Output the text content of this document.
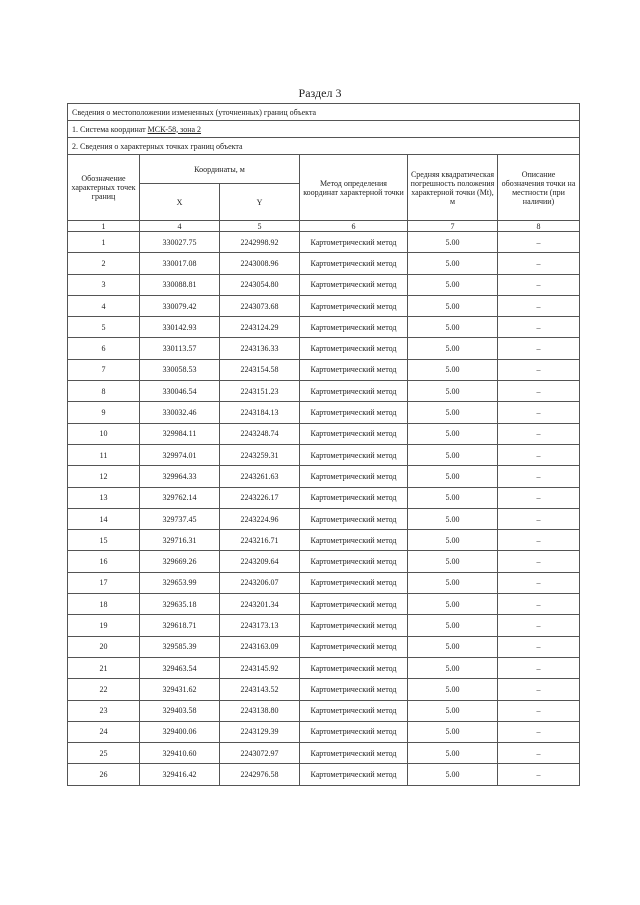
Раздел 3
Сведения о местоположении измененных (уточненных) границ объекта					
1. Система координат МСК-58, зона 2					
2. Сведения о характерных точках границ объекта					
Обозначение характерных точек границ	Координаты, м		Метод определения координат характерной точки	Средняя квадратическая погрешность положения характерной точки (Mt), м	Описание обозначения точки на местности (при наличии)
	X	Y			
1	4	5	6	7	8
1	330027.75	2242998.92	Картометрический метод	5.00	–
2	330017.08	2243008.96	Картометрический метод	5.00	–
3	330088.81	2243054.80	Картометрический метод	5.00	–
4	330079.42	2243073.68	Картометрический метод	5.00	–
5	330142.93	2243124.29	Картометрический метод	5.00	–
6	330113.57	2243136.33	Картометрический метод	5.00	–
7	330058.53	2243154.58	Картометрический метод	5.00	–
8	330046.54	2243151.23	Картометрический метод	5.00	–
9	330032.46	2243184.13	Картометрический метод	5.00	–
10	329984.11	2243248.74	Картометрический метод	5.00	–
11	329974.01	2243259.31	Картометрический метод	5.00	–
12	329964.33	2243261.63	Картометрический метод	5.00	–
13	329762.14	2243226.17	Картометрический метод	5.00	–
14	329737.45	2243224.96	Картометрический метод	5.00	–
15	329716.31	2243216.71	Картометрический метод	5.00	–
16	329669.26	2243209.64	Картометрический метод	5.00	–
17	329653.99	2243206.07	Картометрический метод	5.00	–
18	329635.18	2243201.34	Картометрический метод	5.00	–
19	329618.71	2243173.13	Картометрический метод	5.00	–
20	329585.39	2243163.09	Картометрический метод	5.00	–
21	329463.54	2243145.92	Картометрический метод	5.00	–
22	329431.62	2243143.52	Картометрический метод	5.00	–
23	329403.58	2243138.80	Картометрический метод	5.00	–
24	329400.06	2243129.39	Картометрический метод	5.00	–
25	329410.60	2243072.97	Картометрический метод	5.00	–
26	329416.42	2242976.58	Картометрический метод	5.00	–
